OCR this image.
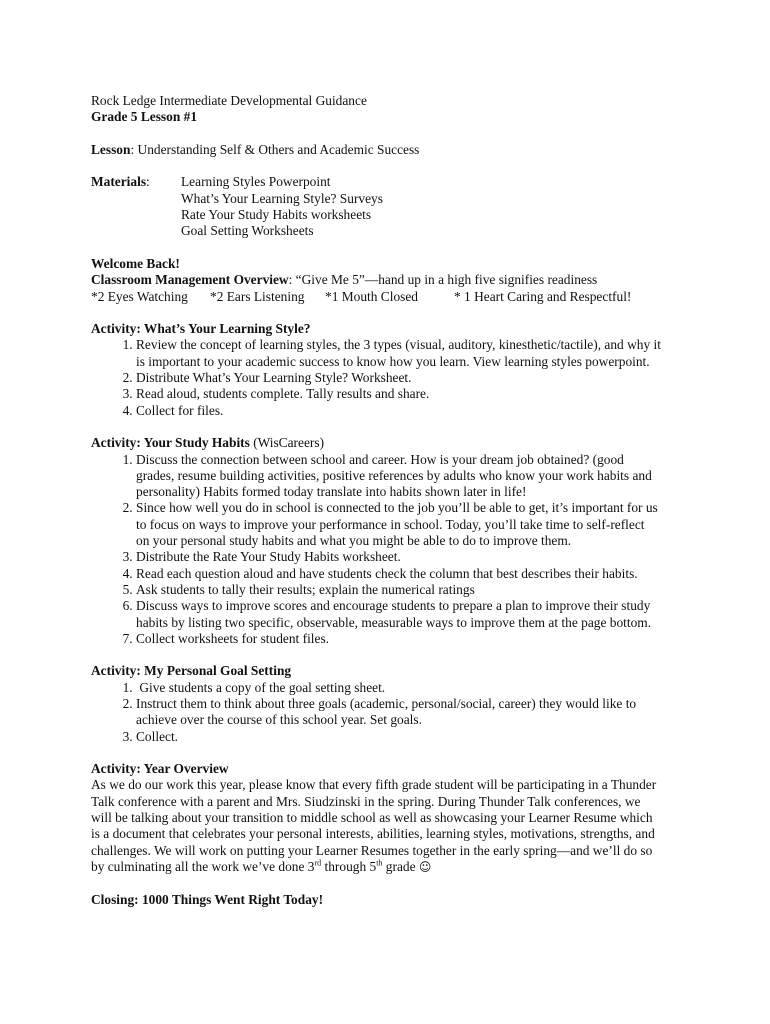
Rock Ledge Intermediate Developmental Guidance
Grade 5 Lesson #1
Lesson: Understanding Self & Others and Academic Success
Materials:	Learning Styles Powerpoint
What’s Your Learning Style? Surveys
Rate Your Study Habits worksheets
Goal Setting Worksheets
Welcome Back!
Classroom Management Overview: “Give Me 5”—hand up in a high five signifies readiness
*2 Eyes Watching	*2 Ears Listening	*1 Mouth Closed	* 1 Heart Caring and Respectful!
Activity: What’s Your Learning Style?
1. Review the concept of learning styles, the 3 types (visual, auditory, kinesthetic/tactile), and why it
is important to your academic success to know how you learn. View learning styles powerpoint.
2. Distribute What’s Your Learning Style? Worksheet.
3. Read aloud, students complete. Tally results and share.
4. Collect for files.
Activity: Your Study Habits (WisCareers)
1. Discuss the connection between school and career. How is your dream job obtained? (good
grades, resume building activities, positive references by adults who know your work habits and
personality) Habits formed today translate into habits shown later in life!
2. Since how well you do in school is connected to the job you’ll be able to get, it’s important for us
to focus on ways to improve your performance in school. Today, you’ll take time to self-reflect
on your personal study habits and what you might be able to do to improve them.
3. Distribute the Rate Your Study Habits worksheet.
4. Read each question aloud and have students check the column that best describes their habits.
5. Ask students to tally their results; explain the numerical ratings
6. Discuss ways to improve scores and encourage students to prepare a plan to improve their study
habits by listing two specific, observable, measurable ways to improve them at the page bottom.
7. Collect worksheets for student files.
Activity: My Personal Goal Setting
1.  Give students a copy of the goal setting sheet.
2. Instruct them to think about three goals (academic, personal/social, career) they would like to
achieve over the course of this school year. Set goals.
3. Collect.
Activity: Year Overview
As we do our work this year, please know that every fifth grade student will be participating in a Thunder
Talk conference with a parent and Mrs. Siudzinski in the spring. During Thunder Talk conferences, we
will be talking about your transition to middle school as well as showcasing your Learner Resume which
is a document that celebrates your personal interests, abilities, learning styles, motivations, strengths, and
challenges. We will work on putting your Learner Resumes together in the early spring—and we’ll do so
by culminating all the work we’ve done 3rd through 5th grade ☺
Closing: 1000 Things Went Right Today!
